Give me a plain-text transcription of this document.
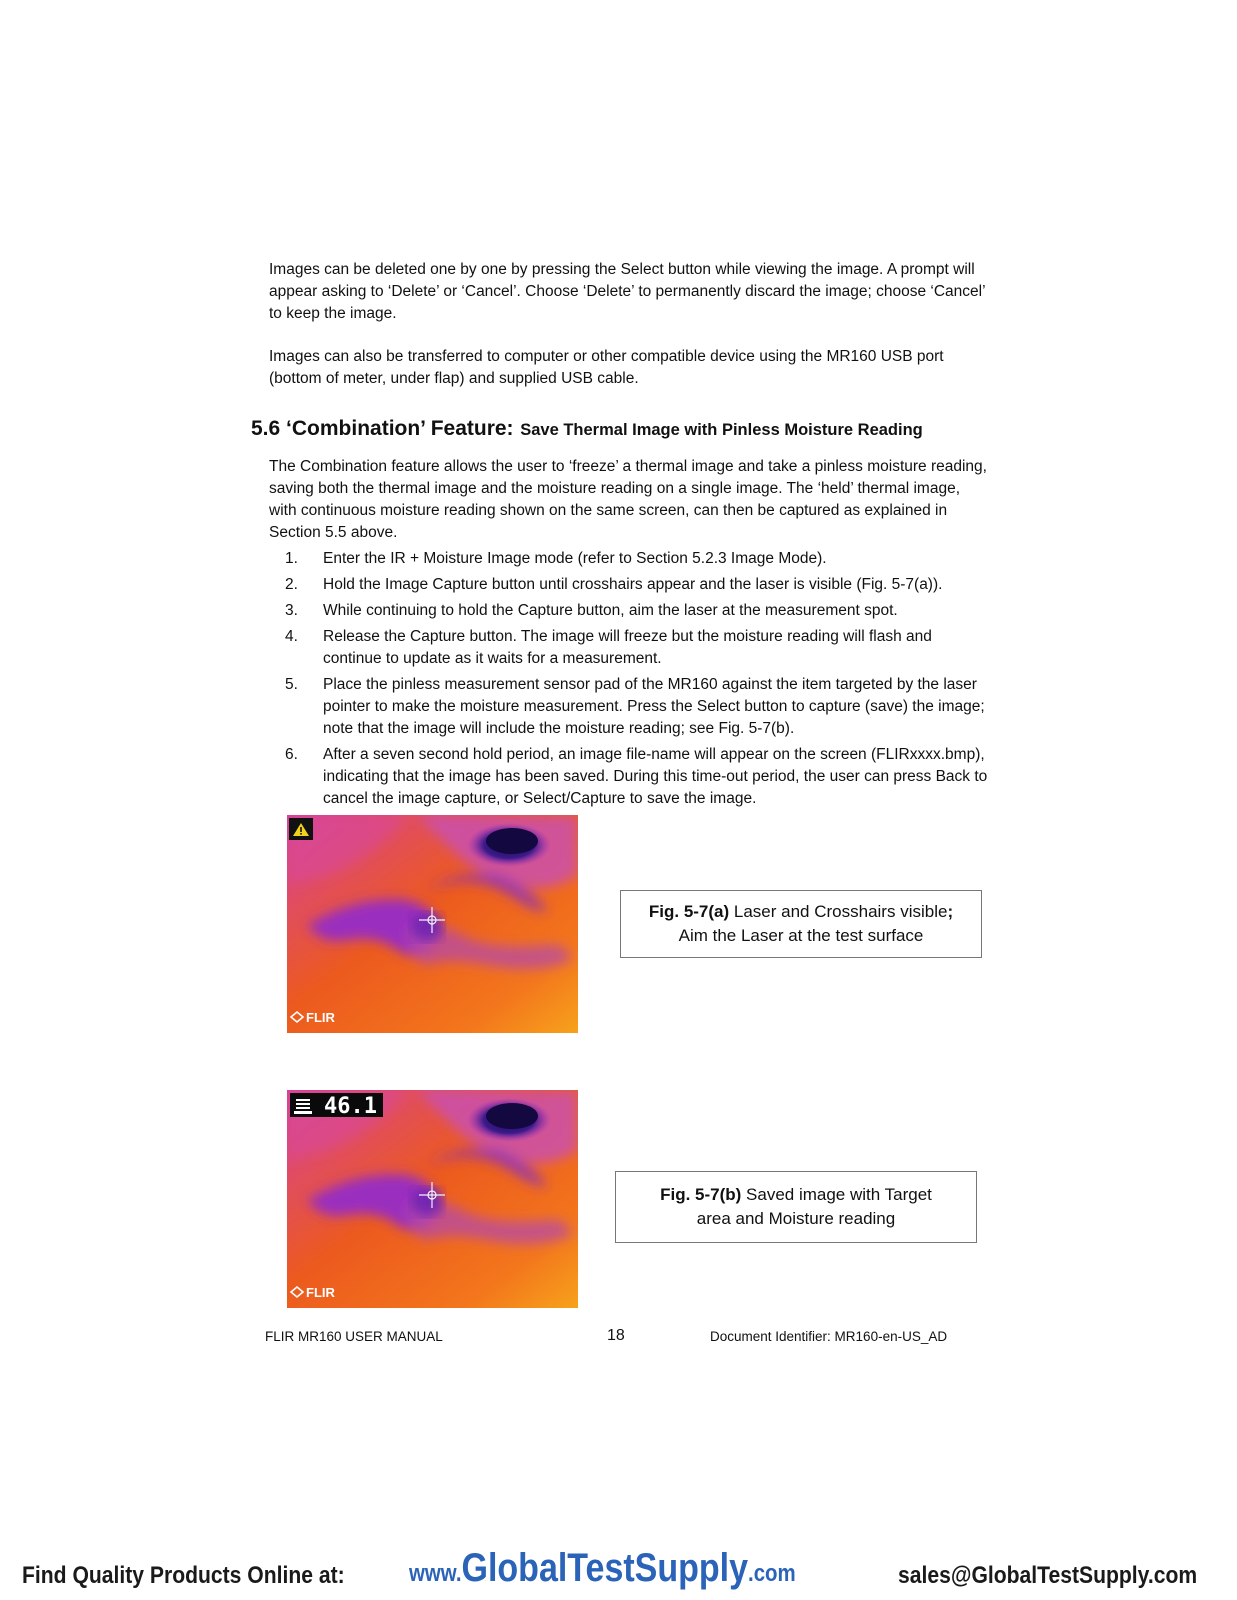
Images can be deleted one by one by pressing the Select button while viewing the image. A prompt will appear asking to ‘Delete’ or ‘Cancel’. Choose ‘Delete’ to permanently discard the image; choose ‘Cancel’ to keep the image.

Images can also be transferred to computer or other compatible device using the MR160 USB port (bottom of meter, under flap) and supplied USB cable.

5.6 ‘Combination’ Feature: Save Thermal Image with Pinless Moisture Reading

The Combination feature allows the user to ‘freeze’ a thermal image and take a pinless moisture reading, saving both the thermal image and the moisture reading on a single image. The ‘held’ thermal image, with continuous moisture reading shown on the same screen, can then be captured as explained in Section 5.5 above.

1.	Enter the IR + Moisture Image mode (refer to Section 5.2.3 Image Mode).
2.	Hold the Image Capture button until crosshairs appear and the laser is visible (Fig. 5-7(a)).
3.	While continuing to hold the Capture button, aim the laser at the measurement spot.
4.	Release the Capture button. The image will freeze but the moisture reading will flash and continue to update as it waits for a measurement.
5.	Place the pinless measurement sensor pad of the MR160 against the item targeted by the laser pointer to make the moisture measurement. Press the Select button to capture (save) the image; note that the image will include the moisture reading; see Fig. 5-7(b).
6.	After a seven second hold period, an image file-name will appear on the screen (FLIRxxxx.bmp), indicating that the image has been saved. During this time-out period, the user can press Back to cancel the image capture, or Select/Capture to save the image.
FLIR
Fig. 5-7(a) Laser and Crosshairs visible;
Aim the Laser at the test surface
46.1
FLIR
Fig. 5-7(b) Saved image with Target
area and Moisture reading
FLIR MR160 USER MANUAL	18	Document Identifier: MR160-en-US_AD
Find Quality Products Online at:	www.GlobalTestSupply.com	sales@GlobalTestSupply.com
